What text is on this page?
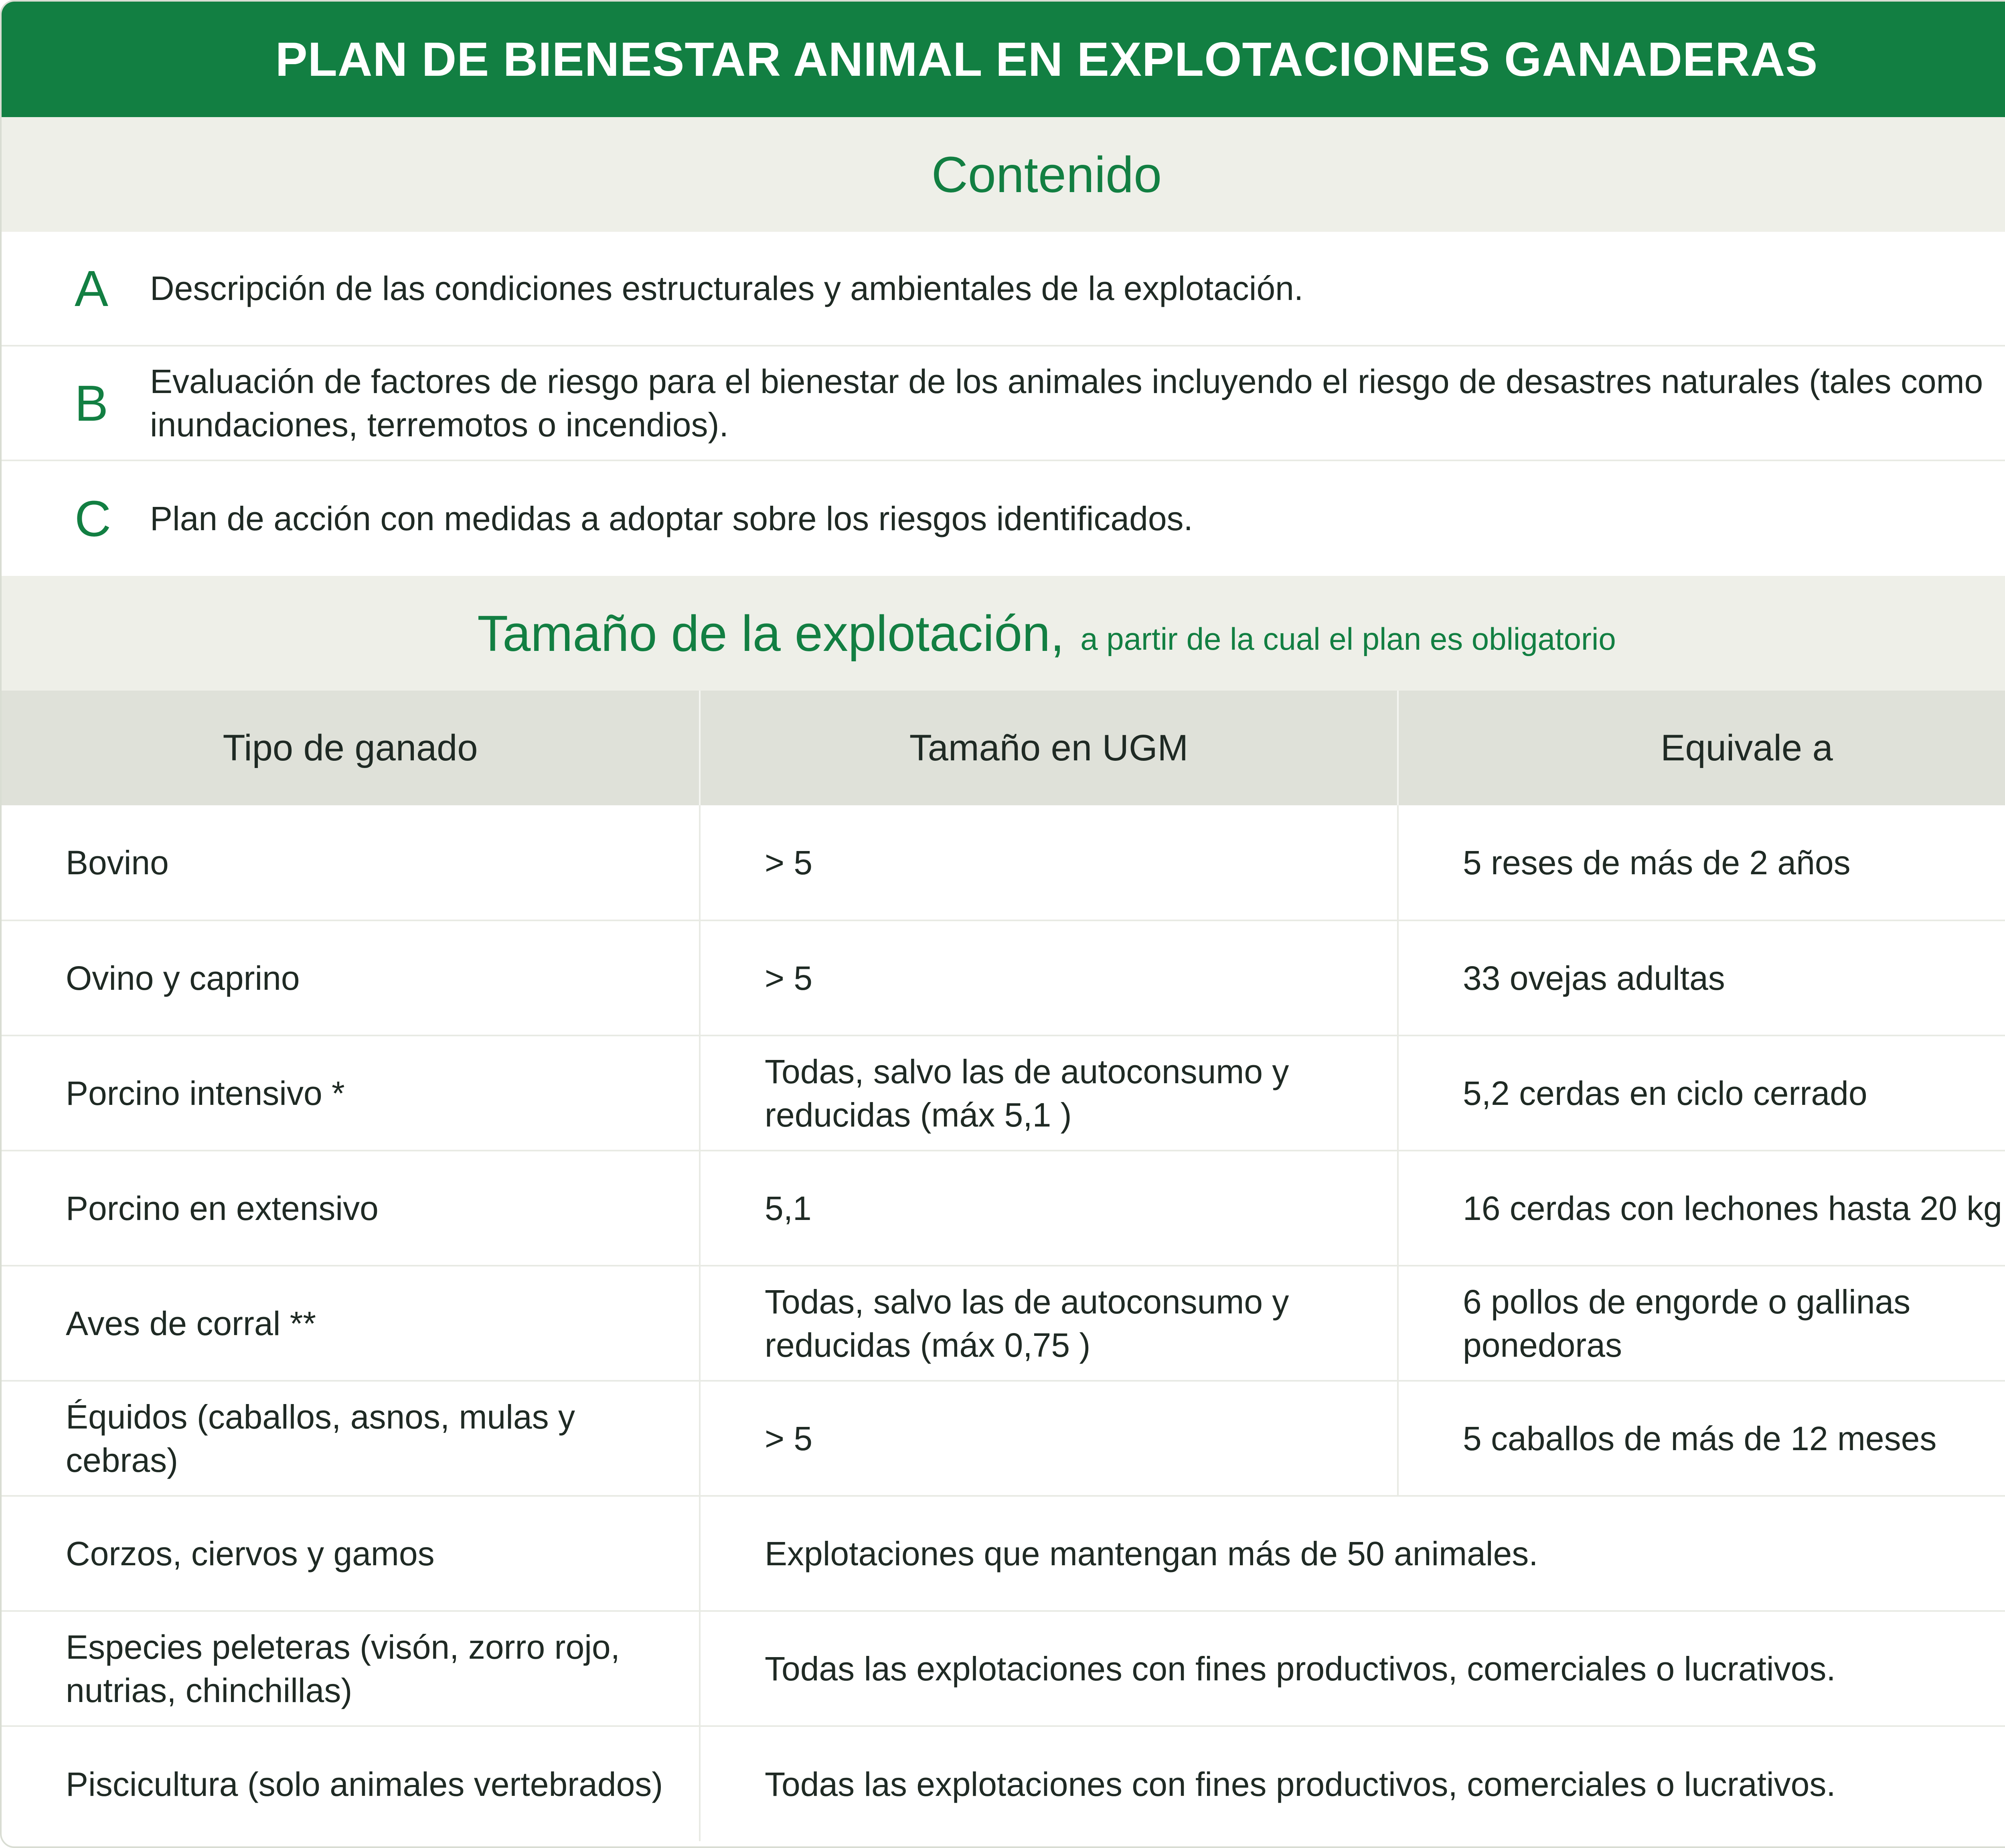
PLAN DE BIENESTAR ANIMAL EN EXPLOTACIONES GANADERAS
Contenido
A	Descripción de las condiciones estructurales y ambientales de la explotación.
B	Evaluación de factores de riesgo para el bienestar de los animales incluyendo el riesgo de desastres naturales (tales como inundaciones, terremotos o incendios).
C	Plan de acción con medidas a adoptar sobre los riesgos identificados.
Tamaño de la explotación, a partir de la cual el plan es obligatorio
Tipo de ganado	Tamaño en UGM	Equivale a
Bovino	> 5	5 reses de más de 2 años
Ovino y caprino	> 5	33 ovejas adultas
Porcino intensivo *	Todas, salvo las de autoconsumo y reducidas (máx 5,1 )	5,2 cerdas en ciclo cerrado
Porcino en extensivo	5,1	16 cerdas con lechones hasta 20 kg
Aves de corral **	Todas, salvo las de autoconsumo y reducidas (máx 0,75 )	6 pollos de engorde o gallinas ponedoras
Équidos (caballos, asnos, mulas y cebras)	> 5	5 caballos de más de 12 meses
Corzos, ciervos y gamos	Explotaciones que mantengan más de 50 animales.	
Especies peleteras (visón, zorro rojo, nutrias, chinchillas)	Todas las explotaciones con fines productivos, comerciales o lucrativos.	
Piscicultura (solo animales vertebrados)	Todas las explotaciones con fines productivos, comerciales o lucrativos.	
